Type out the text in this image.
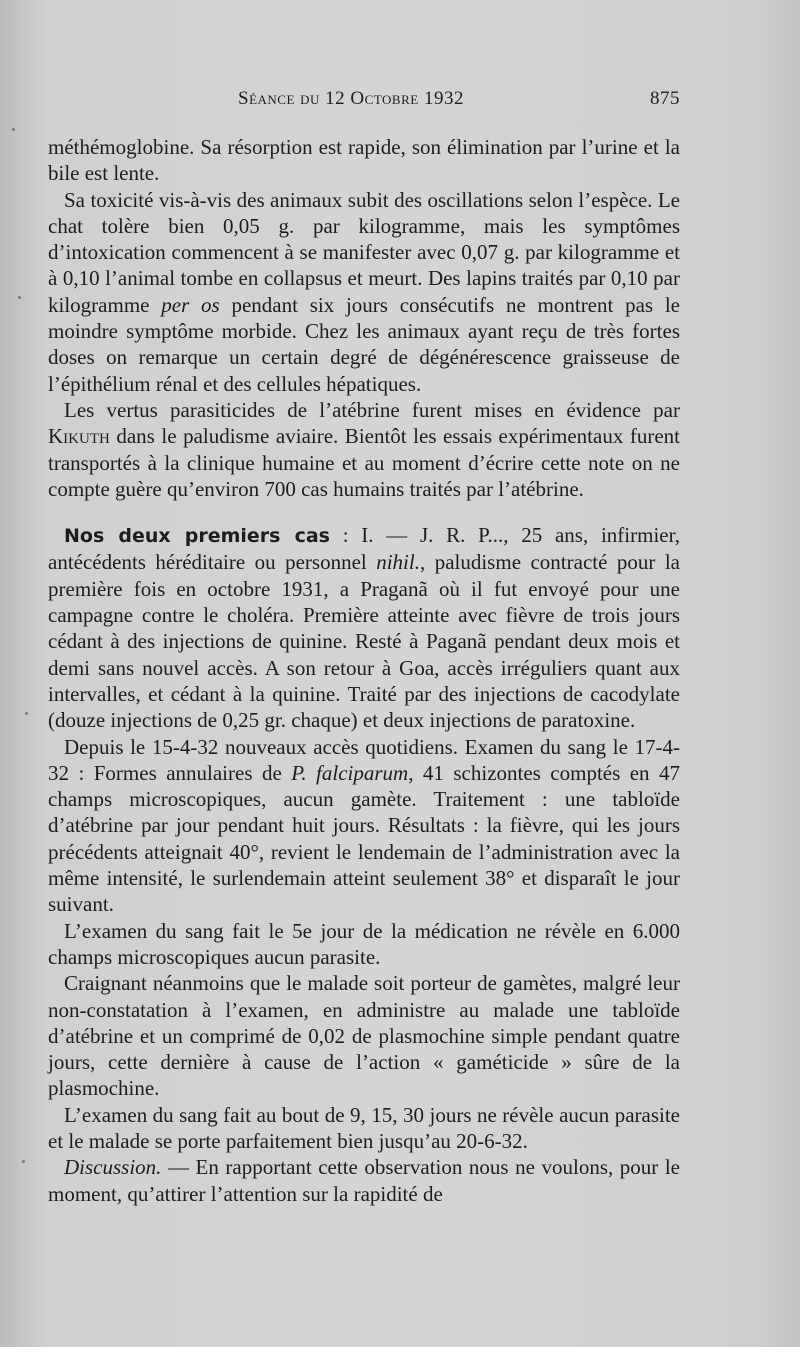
Séance du 12 Octobre 1932	875

méthémoglobine. Sa résorption est rapide, son élimination par l’urine et la bile est lente.

Sa toxicité vis-à-vis des animaux subit des oscillations selon l’espèce. Le chat tolère bien 0,05 g. par kilogramme, mais les symptômes d’intoxication commencent à se manifester avec 0,07 g. par kilogramme et à 0,10 l’animal tombe en collapsus et meurt. Des lapins traités par 0,10 par kilogramme per os pendant six jours consécutifs ne montrent pas le moindre symptôme morbide. Chez les animaux ayant reçu de très fortes doses on remarque un certain degré de dégénérescence graisseuse de l’épithélium rénal et des cellules hépatiques.

Les vertus parasiticides de l’atébrine furent mises en évidence par Kikuth dans le paludisme aviaire. Bientôt les essais expérimentaux furent transportés à la clinique humaine et au moment d’écrire cette note on ne compte guère qu’environ 700 cas humains traités par l’atébrine.

Nos deux premiers cas : I. — J. R. P..., 25 ans, infirmier, antécédents héréditaire ou personnel nihil., paludisme contracté pour la première fois en octobre 1931, a Praganã où il fut envoyé pour une campagne contre le choléra. Première atteinte avec fièvre de trois jours cédant à des injections de quinine. Resté à Paganã pendant deux mois et demi sans nouvel accès. A son retour à Goa, accès irréguliers quant aux intervalles, et cédant à la quinine. Traité par des injections de cacodylate (douze injections de 0,25 gr. chaque) et deux injections de paratoxine.

Depuis le 15-4-32 nouveaux accès quotidiens. Examen du sang le 17-4-32 : Formes annulaires de P. falciparum, 41 schizontes comptés en 47 champs microscopiques, aucun gamète. Traitement : une tabloïde d’atébrine par jour pendant huit jours. Résultats : la fièvre, qui les jours précédents atteignait 40°, revient le lendemain de l’administration avec la même intensité, le surlendemain atteint seulement 38° et disparaît le jour suivant.

L’examen du sang fait le 5e jour de la médication ne révèle en 6.000 champs microscopiques aucun parasite.

Craignant néanmoins que le malade soit porteur de gamètes, malgré leur non-constatation à l’examen, en administre au malade une tabloïde d’atébrine et un comprimé de 0,02 de plasmochine simple pendant quatre jours, cette dernière à cause de l’action « gaméticide » sûre de la plasmochine.

L’examen du sang fait au bout de 9, 15, 30 jours ne révèle aucun parasite et le malade se porte parfaitement bien jusqu’au 20-6-32.

Discussion. — En rapportant cette observation nous ne voulons, pour le moment, qu’attirer l’attention sur la rapidité de
